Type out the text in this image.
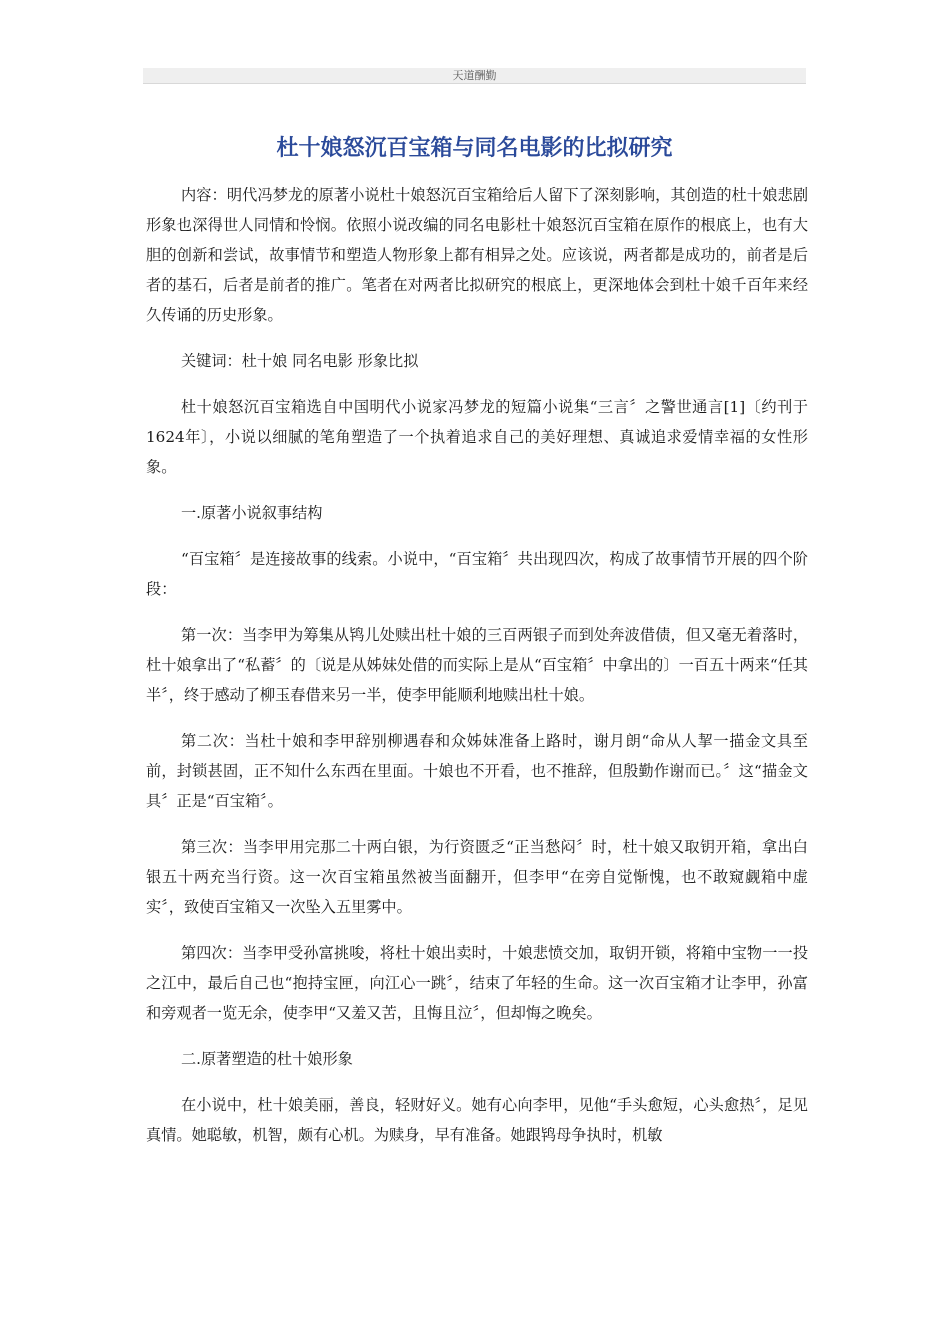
天道酬勤
杜十娘怒沉百宝箱与同名电影的比拟研究

内容：明代冯梦龙的原著小说杜十娘怒沉百宝箱给后人留下了深刻影响，其创造的杜十娘悲剧形象也深得世人同情和怜悯。依照小说改编的同名电影杜十娘怒沉百宝箱在原作的根底上，也有大胆的创新和尝试，故事情节和塑造人物形象上都有相异之处。应该说，两者都是成功的，前者是后者的基石，后者是前者的推广。笔者在对两者比拟研究的根底上，更深地体会到杜十娘千百年来经久传诵的历史形象。

关键词：杜十娘 同名电影 形象比拟

杜十娘怒沉百宝箱选自中国明代小说家冯梦龙的短篇小说集“三言〞之警世通言[1]〔约刊于1624年〕，小说以细腻的笔角塑造了一个执着追求自己的美好理想、真诚追求爱情幸福的女性形象。

一.原著小说叙事结构

“百宝箱〞是连接故事的线索。小说中，“百宝箱〞共出现四次，构成了故事情节开展的四个阶段：

第一次：当李甲为筹集从鸨儿处赎出杜十娘的三百两银子而到处奔波借债，但又毫无着落时，杜十娘拿出了“私蓄〞的〔说是从姊妹处借的而实际上是从“百宝箱〞中拿出的〕一百五十两来“任其半〞，终于感动了柳玉春借来另一半，使李甲能顺利地赎出杜十娘。

第二次：当杜十娘和李甲辞别柳遇春和众姊妹准备上路时，谢月朗“命从人挈一描金文具至前，封锁甚固，正不知什么东西在里面。十娘也不开看，也不推辞，但殷勤作谢而已。〞这“描金文具〞正是“百宝箱〞。

第三次：当李甲用完那二十两白银，为行资匮乏“正当愁闷〞时，杜十娘又取钥开箱，拿出白银五十两充当行资。这一次百宝箱虽然被当面翻开，但李甲“在旁自觉惭愧，也不敢窥觑箱中虚实〞，致使百宝箱又一次坠入五里雾中。

第四次：当李甲受孙富挑唆，将杜十娘出卖时，十娘悲愤交加，取钥开锁，将箱中宝物一一投之江中，最后自己也“抱持宝匣，向江心一跳〞，结束了年轻的生命。这一次百宝箱才让李甲，孙富和旁观者一览无余，使李甲“又羞又苦，且悔且泣〞，但却悔之晚矣。

二.原著塑造的杜十娘形象

在小说中，杜十娘美丽，善良，轻财好义。她有心向李甲，见他“手头愈短，心头愈热〞，足见真情。她聪敏，机智，颇有心机。为赎身，早有准备。她跟鸨母争执时，机敏
